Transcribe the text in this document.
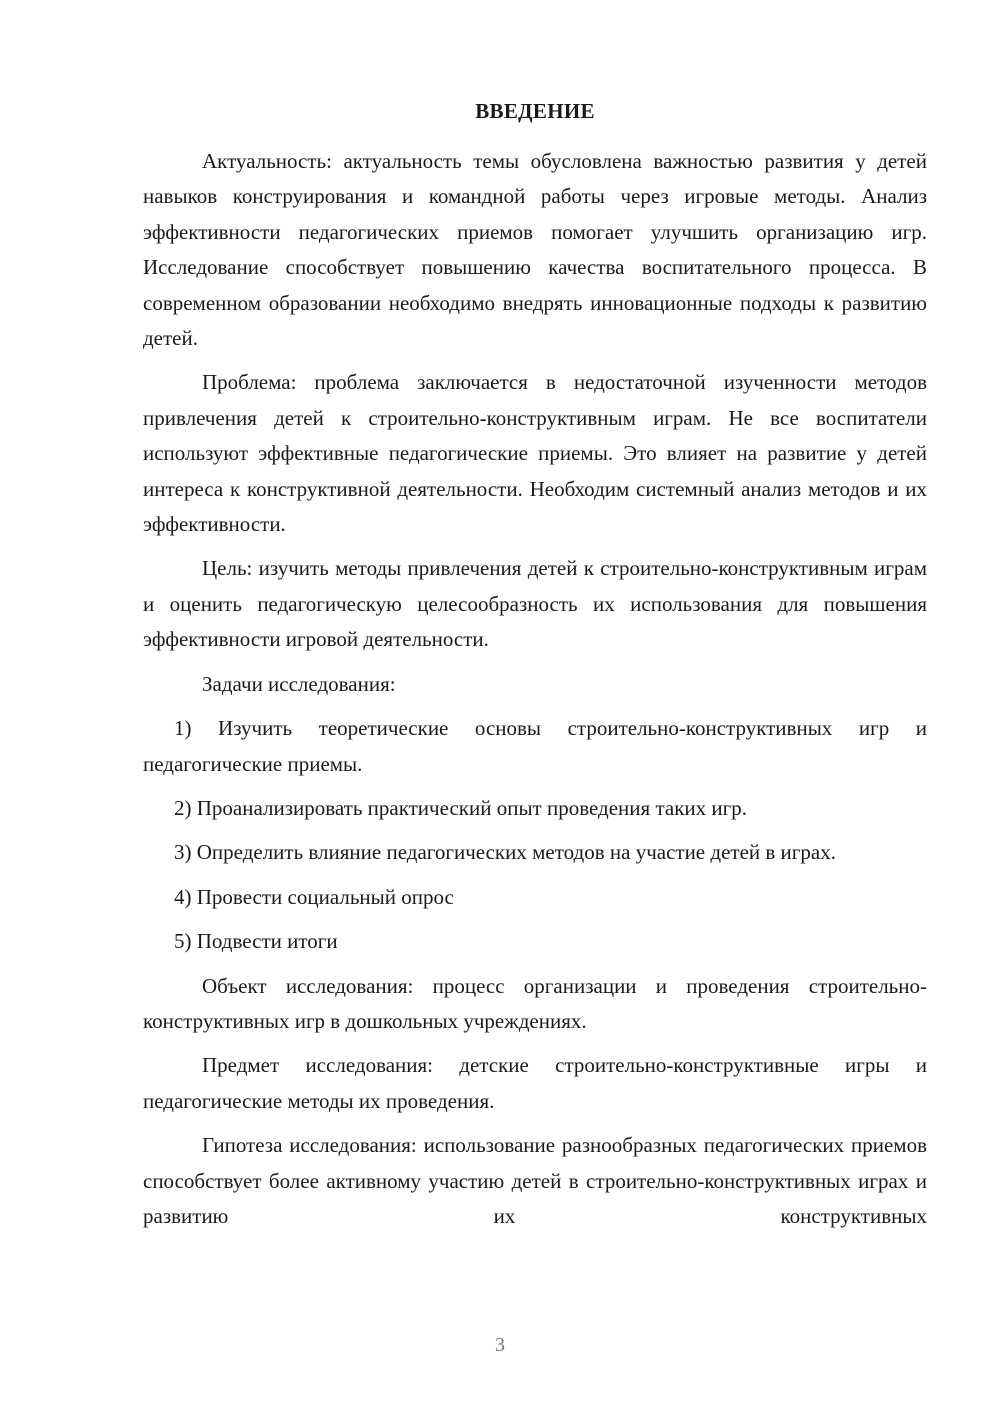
ВВЕДЕНИЕ

Актуальность: актуальность темы обусловлена важностью развития у детей навыков конструирования и командной работы через игровые методы. Анализ эффективности педагогических приемов помогает улучшить организацию игр. Исследование способствует повышению качества воспитательного процесса. В современном образовании необходимо внедрять инновационные подходы к развитию детей.

Проблема: проблема заключается в недостаточной изученности методов привлечения детей к строительно-конструктивным играм. Не все воспитатели используют эффективные педагогические приемы. Это влияет на развитие у детей интереса к конструктивной деятельности. Необходим системный анализ методов и их эффективности.

Цель: изучить методы привлечения детей к строительно-конструктивным играм и оценить педагогическую целесообразность их использования для повышения эффективности игровой деятельности.

Задачи исследования:

1) Изучить теоретические основы строительно-конструктивных игр и педагогические приемы.

2) Проанализировать практический опыт проведения таких игр.

3) Определить влияние педагогических методов на участие детей в играх.

4) Провести социальный опрос

5) Подвести итоги

Объект исследования: процесс организации и проведения строительно-конструктивных игр в дошкольных учреждениях.

Предмет исследования: детские строительно-конструктивные игры и педагогические методы их проведения.

Гипотеза исследования: использование разнообразных педагогических приемов способствует более активному участию детей в строительно-конструктивных играх и развитию их конструктивных

3
